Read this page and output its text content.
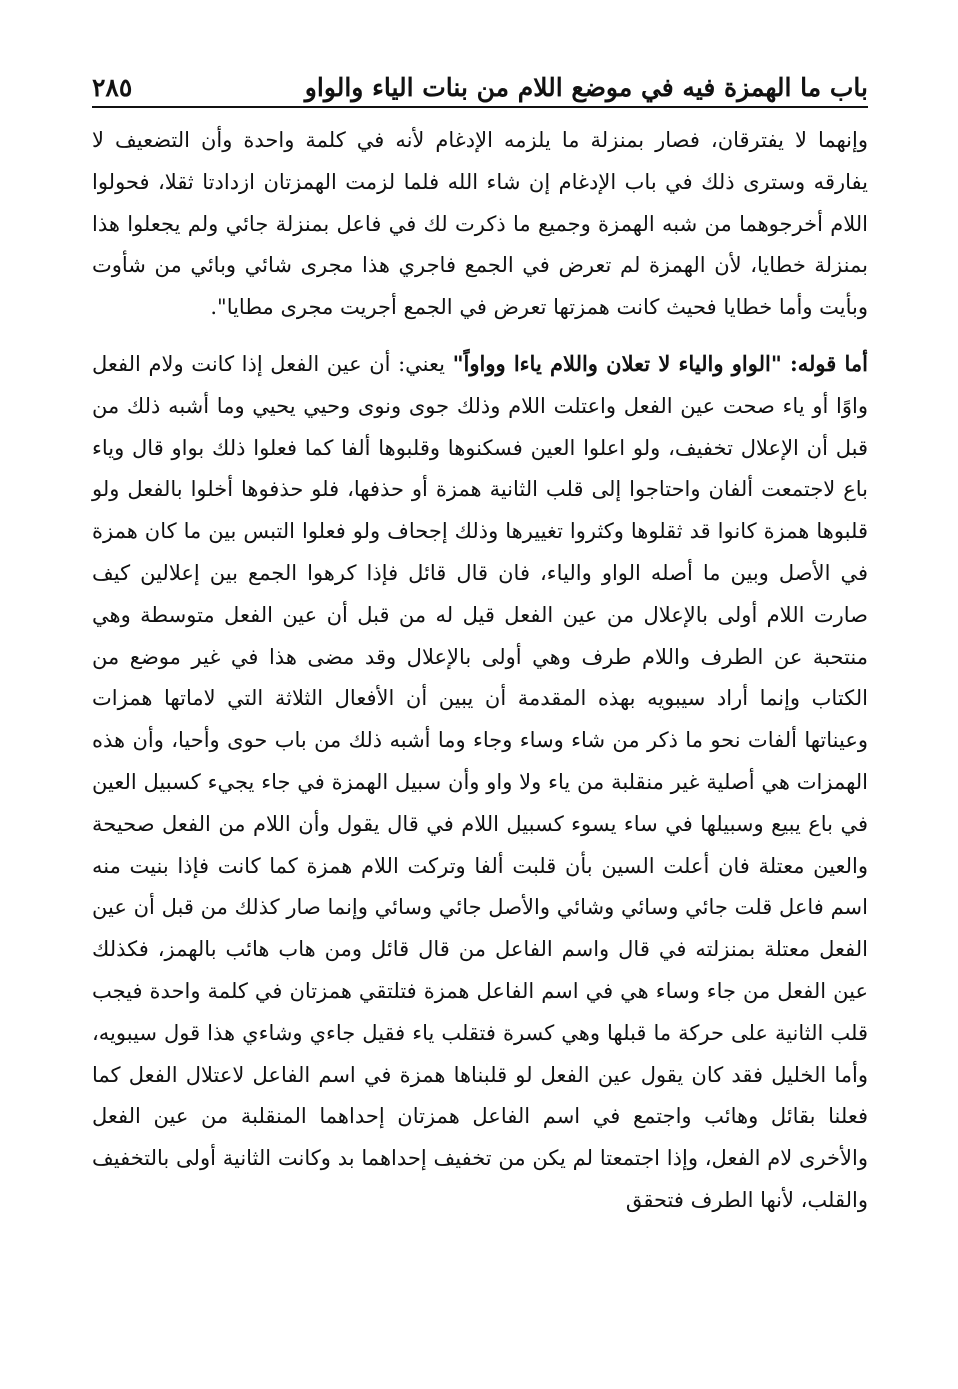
باب ما الهمزة فيه في موضع اللام من بنات الياء والواو
٢٨٥

وإنهما لا يفترقان، فصار بمنزلة ما يلزمه الإدغام لأنه في كلمة واحدة وأن التضعيف لا يفارقه وسترى ذلك في باب الإدغام إن شاء الله فلما لزمت الهمزتان ازدادتا ثقلا، فحولوا اللام أخرجوهما من شبه الهمزة وجميع ما ذكرت لك في فاعل بمنزلة جائي ولم يجعلوا هذا بمنزلة خطايا، لأن الهمزة لم تعرض في الجمع فاجري هذا مجرى شائي وبائي من شأوت وبأيت وأما خطايا فحيث كانت همزتها تعرض في الجمع أجريت مجرى مطايا".

أما قوله: "الواو والياء لا تعلان واللام ياءا وواواً" يعني: أن عين الفعل إذا كانت ولام الفعل واوًا أو ياء صحت عين الفعل واعتلت اللام وذلك جوى ونوى وحيي يحيي وما أشبه ذلك من قبل أن الإعلال تخفيف، ولو اعلوا العين فسكنوها وقلبوها ألفا كما فعلوا ذلك بواو قال وياء باع لاجتمعت ألفان واحتاجوا إلى قلب الثانية همزة أو حذفها، فلو حذفوها أخلوا بالفعل ولو قلبوها همزة كانوا قد ثقلوها وكثروا تغييرها وذلك إجحاف ولو فعلوا التبس بين ما كان همزة في الأصل وبين ما أصله الواو والياء، فان قال قائل فإذا كرهوا الجمع بين إعلالين كيف صارت اللام أولى بالإعلال من عين الفعل قيل له من قبل أن عين الفعل متوسطة وهي منتحبة عن الطرف واللام طرف وهي أولى بالإعلال وقد مضى هذا في غير موضع من الكتاب وإنما أراد سيبويه بهذه المقدمة أن يبين أن الأفعال الثلاثة التي لاماتها همزات وعيناتها ألفات نحو ما ذكر من شاء وساء وجاء وما أشبه ذلك من باب حوى وأحيا، وأن هذه الهمزات هي أصلية غير منقلبة من ياء ولا واو وأن سبيل الهمزة في جاء يجيء كسبيل العين في باع يبيع وسبيلها في ساء يسوء كسبيل اللام في قال يقول وأن اللام من الفعل صحيحة والعين معتلة فان أعلت السين بأن قلبت ألفا وتركت اللام همزة كما كانت فإذا بنيت منه اسم فاعل قلت جائي وسائي وشائي والأصل جائي وسائي وإنما صار كذلك من قبل أن عين الفعل معتلة بمنزلته في قال واسم الفاعل من قال قائل ومن هاب هائب بالهمز، فكذلك عين الفعل من جاء وساء هي في اسم الفاعل همزة فتلتقي همزتان في كلمة واحدة فيجب قلب الثانية على حركة ما قبلها وهي كسرة فتقلب ياء فقيل جاءي وشاءي هذا قول سيبويه، وأما الخليل فقد كان يقول عين الفعل لو قلبناها همزة في اسم الفاعل لاعتلال الفعل كما فعلنا بقائل وهائب واجتمع في اسم الفاعل همزتان إحداهما المنقلبة من عين الفعل والأخرى لام الفعل، وإذا اجتمعتا لم يكن من تخفيف إحداهما بد وكانت الثانية أولى بالتخفيف والقلب، لأنها الطرف فتحقق
